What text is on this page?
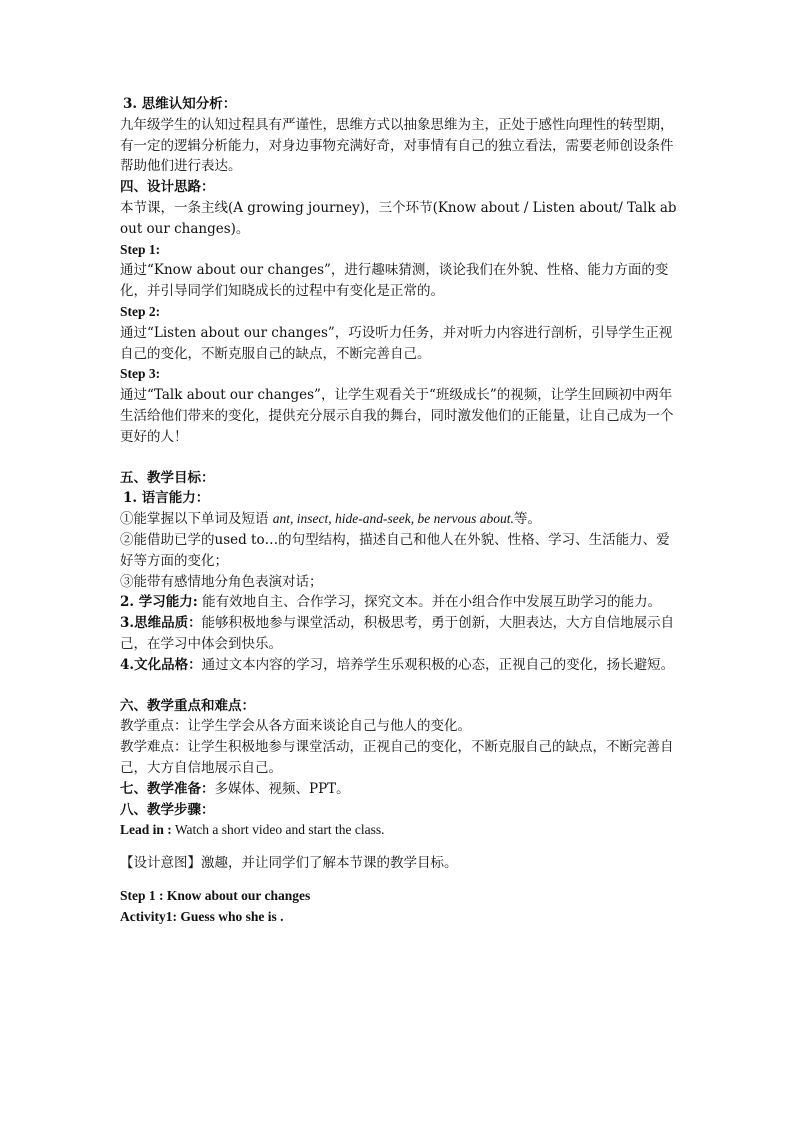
3. 思维认知分析：

九年级学生的认知过程具有严谨性，思维方式以抽象思维为主，正处于感性向理性的转型期，有一定的逻辑分析能力，对身边事物充满好奇，对事情有自己的独立看法，需要老师创设条件帮助他们进行表达。

四、设计思路：

本节课，一条主线(A growing journey)，三个环节(Know about / Listen about/ Talk about our changes)。

Step 1:

通过“Know about our changes”，进行趣味猜测，谈论我们在外貌、性格、能力方面的变化，并引导同学们知晓成长的过程中有变化是正常的。

Step 2:

通过“Listen about our changes”，巧设听力任务，并对听力内容进行剖析，引导学生正视自己的变化，不断克服自己的缺点，不断完善自己。

Step 3:

通过“Talk about our changes”，让学生观看关于“班级成长”的视频，让学生回顾初中两年生活给他们带来的变化，提供充分展示自我的舞台，同时激发他们的正能量，让自己成为一个更好的人！

五、教学目标：

1. 语言能力：

①能掌握以下单词及短语 ant, insect, hide-and-seek, be nervous about.等。

②能借助已学的used to…的句型结构，描述自己和他人在外貌、性格、学习、生活能力、爱好等方面的变化；

③能带有感情地分角色表演对话；

2. 学习能力: 能有效地自主、合作学习，探究文本。并在小组合作中发展互助学习的能力。

3.思维品质：能够积极地参与课堂活动，积极思考，勇于创新，大胆表达，大方自信地展示自己，在学习中体会到快乐。

4.文化品格：通过文本内容的学习，培养学生乐观积极的心态，正视自己的变化，扬长避短。

六、教学重点和难点：

教学重点：让学生学会从各方面来谈论自己与他人的变化。

教学难点：让学生积极地参与课堂活动，正视自己的变化，不断克服自己的缺点，不断完善自己，大方自信地展示自己。

七、教学准备：多媒体、视频、PPT。

八、教学步骤：

Lead in : Watch a short video and start the class.

【设计意图】激趣，并让同学们了解本节课的教学目标。

Step 1 : Know about our changes

Activity1: Guess who she is .
